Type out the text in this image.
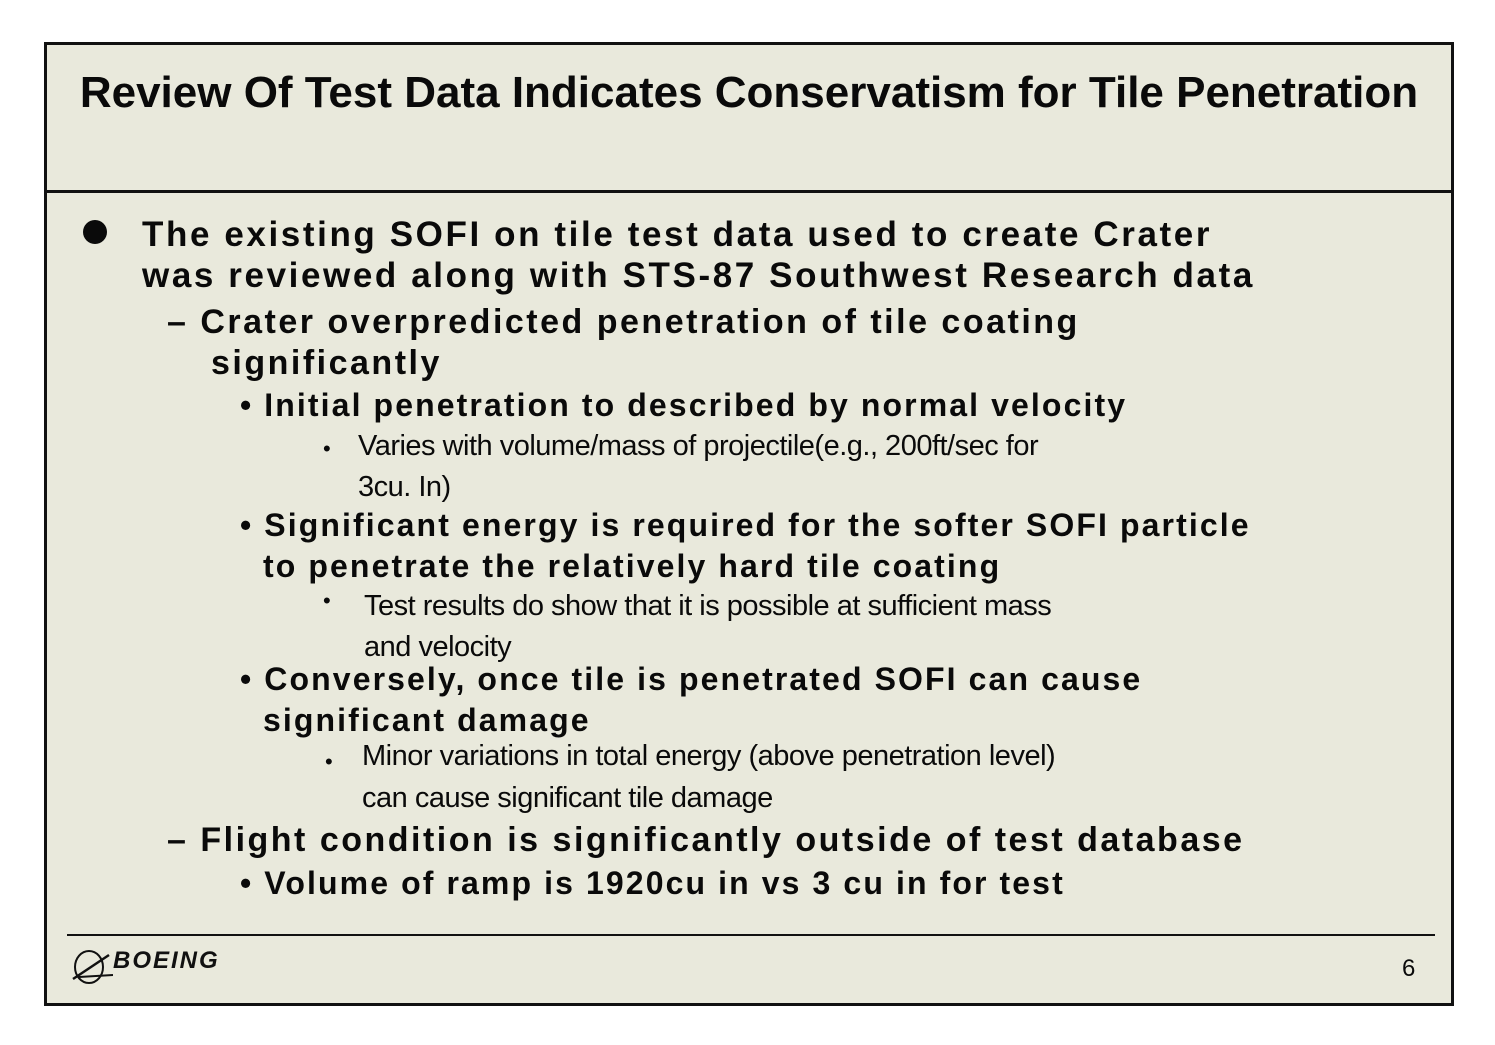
Review Of Test Data Indicates Conservatism for Tile Penetration
The existing SOFI on tile test data used to create Crater
was reviewed along with STS-87 Southwest Research data
– Crater overpredicted penetration of tile coating
significantly
• Initial penetration to described by normal velocity
• Varies with volume/mass of projectile(e.g., 200ft/sec for
3cu. In)
• Significant energy is required for the softer SOFI particle
to penetrate the relatively hard tile coating
• Test results do show that it is possible at sufficient mass
and velocity
• Conversely, once tile is penetrated SOFI can cause
significant damage
• Minor variations in total energy (above penetration level)
can cause significant tile damage
– Flight condition is significantly outside of test database
• Volume of ramp is 1920cu in vs 3 cu in for test
BOEING	6
